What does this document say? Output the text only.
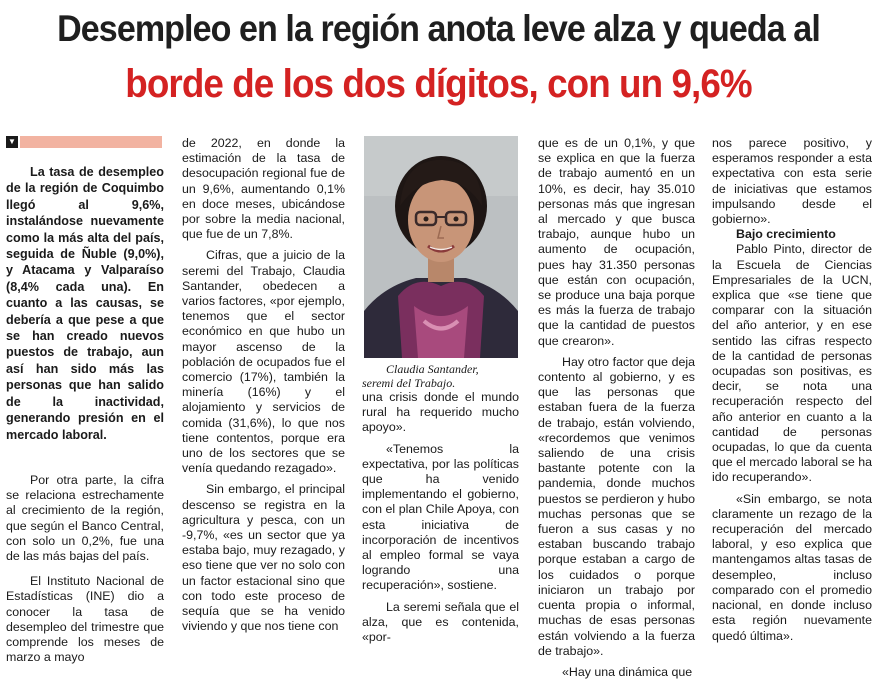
Desempleo en la región anota leve alza y queda al
borde de los dos dígitos, con un 9,6%
▼

La tasa de desempleo de la región de Coquimbo llegó al 9,6%, instalándose nuevamente como la más alta del país, seguida de Ñuble (9,0%), y Atacama y Valparaíso (8,4% cada una). En cuanto a las causas, se debería a que pese a que se han creado nuevos puestos de trabajo, aun así han sido más las personas que han salido de la inactividad, generando presión en el mercado laboral.

Por otra parte, la cifra se relaciona estrechamente al crecimiento de la región, que según el Banco Central, con solo un 0,2%, fue una de las más bajas del país.

El Instituto Nacional de Estadísticas (INE) dio a conocer la tasa de desempleo del trimestre que comprende los meses de marzo a mayo

de 2022, en donde la estimación de la tasa de desocupación regional fue de un 9,6%, aumentando 0,1% en doce meses, ubicándose por sobre la media nacional, que fue de un 7,8%.

Cifras, que a juicio de la seremi del Trabajo, Claudia Santander, obedecen a varios factores, «por ejemplo, tenemos que el sector económico en que hubo un mayor ascenso de la población de ocupados fue el comercio (17%), también la minería (16%) y el alojamiento y servicios de comida (31,6%), lo que nos tiene contentos, porque era uno de los sectores que se venía quedando rezagado».

Sin embargo, el principal descenso se registra en la agricultura y pesca, con un -9,7%, «es un sector que ya estaba bajo, muy rezagado, y eso tiene que ver no solo con un factor estacional sino que con todo este proceso de sequía que se ha venido viviendo y que nos tiene con

Claudia Santander,
seremi del Trabajo.

una crisis donde el mundo rural ha requerido mucho apoyo».

«Tenemos la expectativa, por las políticas que ha venido implementando el gobierno, con el plan Chile Apoya, con esta iniciativa de incorporación de incentivos al empleo formal se vaya logrando una recuperación», sostiene.

La seremi señala que el alza, que es contenida, «por-

que es de un 0,1%, y que se explica en que la fuerza de trabajo aumentó en un 10%, es decir, hay 35.010 personas más que ingresan al mercado y que busca trabajo, aunque hubo un aumento de ocupación, pues hay 31.350 personas que están con ocupación, se produce una baja porque es más la fuerza de trabajo que la cantidad de puestos que crearon».

Hay otro factor que deja contento al gobierno, y es que las personas que estaban fuera de la fuerza de trabajo, están volviendo, «recordemos que venimos saliendo de una crisis bastante potente con la pandemia, donde muchos puestos se perdieron y hubo muchas personas que se fueron a sus casas y no estaban buscando trabajo porque estaban a cargo de los cuidados o porque iniciaron un trabajo por cuenta propia o informal, muchas de esas personas están volviendo a la fuerza de trabajo».

«Hay una dinámica que

nos parece positivo, y esperamos responder a esta expectativa con esta serie de iniciativas que estamos impulsando desde el gobierno».

Bajo crecimiento

Pablo Pinto, director de la Escuela de Ciencias Empresariales de la UCN, explica que «se tiene que comparar con la situación del año anterior, y en ese sentido las cifras respecto de la cantidad de personas ocupadas son positivas, es decir, se nota una recuperación respecto del año anterior en cuanto a la cantidad de personas ocupadas, lo que da cuenta que el mercado laboral se ha ido recuperando».

«Sin embargo, se nota claramente un rezago de la recuperación del mercado laboral, y eso explica que mantengamos altas tasas de desempleo, incluso comparado con el promedio nacional, en donde incluso esta región nuevamente quedó última».
